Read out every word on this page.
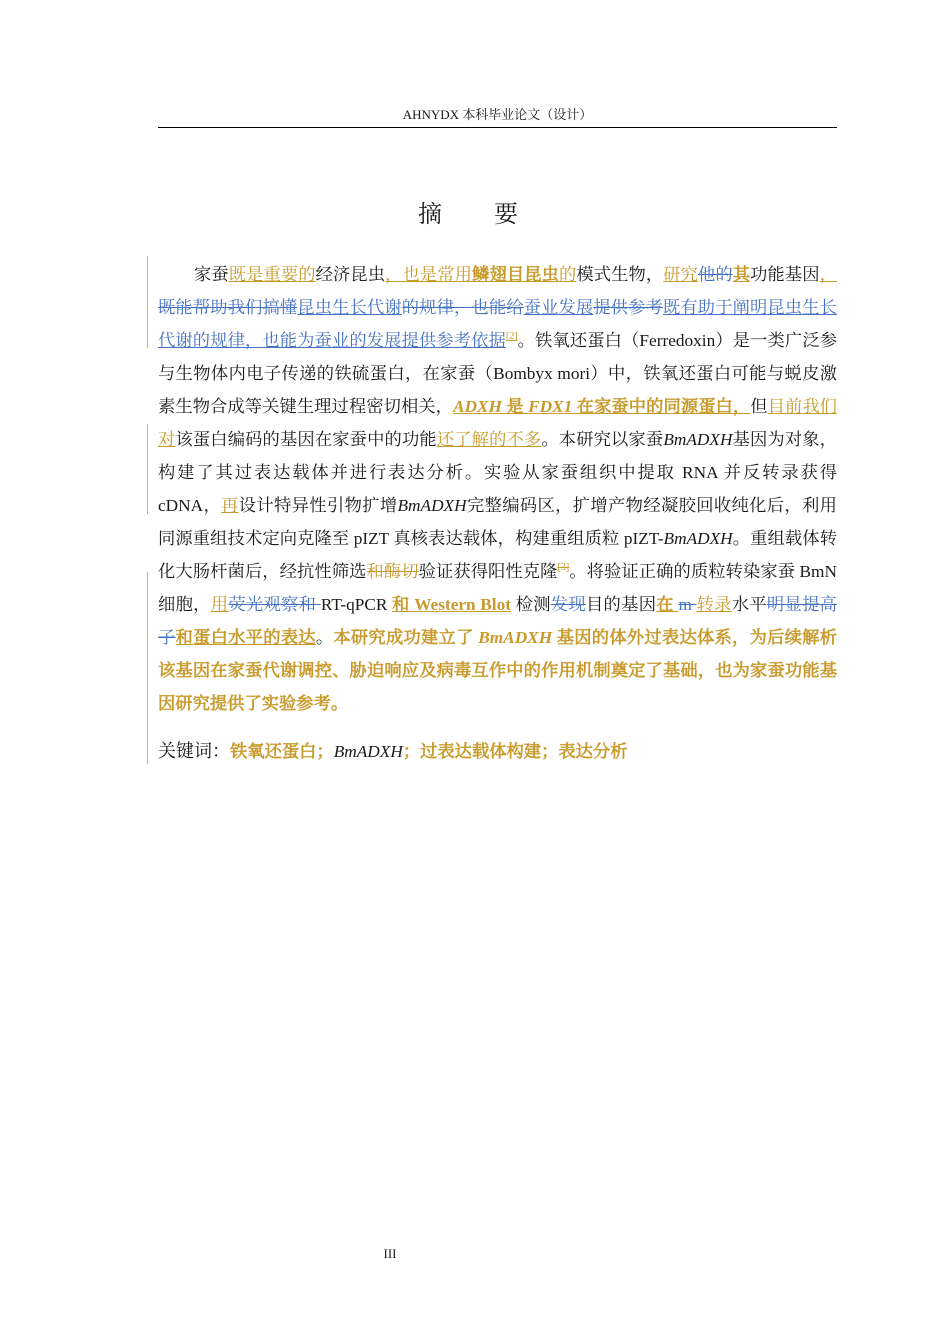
AHNYDX 本科毕业论文（设计）
摘　要

家蚕既是重要的经济昆虫，也是常用鳞翅目昆虫的模式生物，研究他的其功能基因，既能帮助我们搞懂昆虫生长代谢的规律，也能给蚕业发展提供参考既有助于阐明昆虫生长代谢的规律，也能为蚕业的发展提供参考依据[2]。铁氧还蛋白（Ferredoxin）是一类广泛参与生物体内电子传递的铁硫蛋白，在家蚕（Bombyx mori）中，铁氧还蛋白可能与蜕皮激素生物合成等关键生理过程密切相关，ADXH 是 FDX1 在家蚕中的同源蛋白，但目前我们对该蛋白编码的基因在家蚕中的功能还了解的不多。本研究以家蚕BmADXH基因为对象，构建了其过表达载体并进行表达分析。实验从家蚕组织中提取 RNA 并反转录获得 cDNA，再设计特异性引物扩增BmADXH完整编码区，扩增产物经凝胶回收纯化后，利用同源重组技术定向克隆至 pIZT 真核表达载体，构建重组质粒 pIZT-BmADXH。重组载体转化大肠杆菌后，经抗性筛选和酶切验证获得阳性克隆[3]。将验证正确的质粒转染家蚕 BmN 细胞，用荧光观察和 RT-qPCR 和 Western Blot 检测发现目的基因在 m 转录水平明显提高子和蛋白水平的表达。本研究成功建立了 BmADXH 基因的体外过表达体系，为后续解析该基因在家蚕代谢调控、胁迫响应及病毒互作中的作用机制奠定了基础，也为家蚕功能基因研究提供了实验参考。

关键词：铁氧还蛋白；BmADXH；过表达载体构建；表达分析
III
